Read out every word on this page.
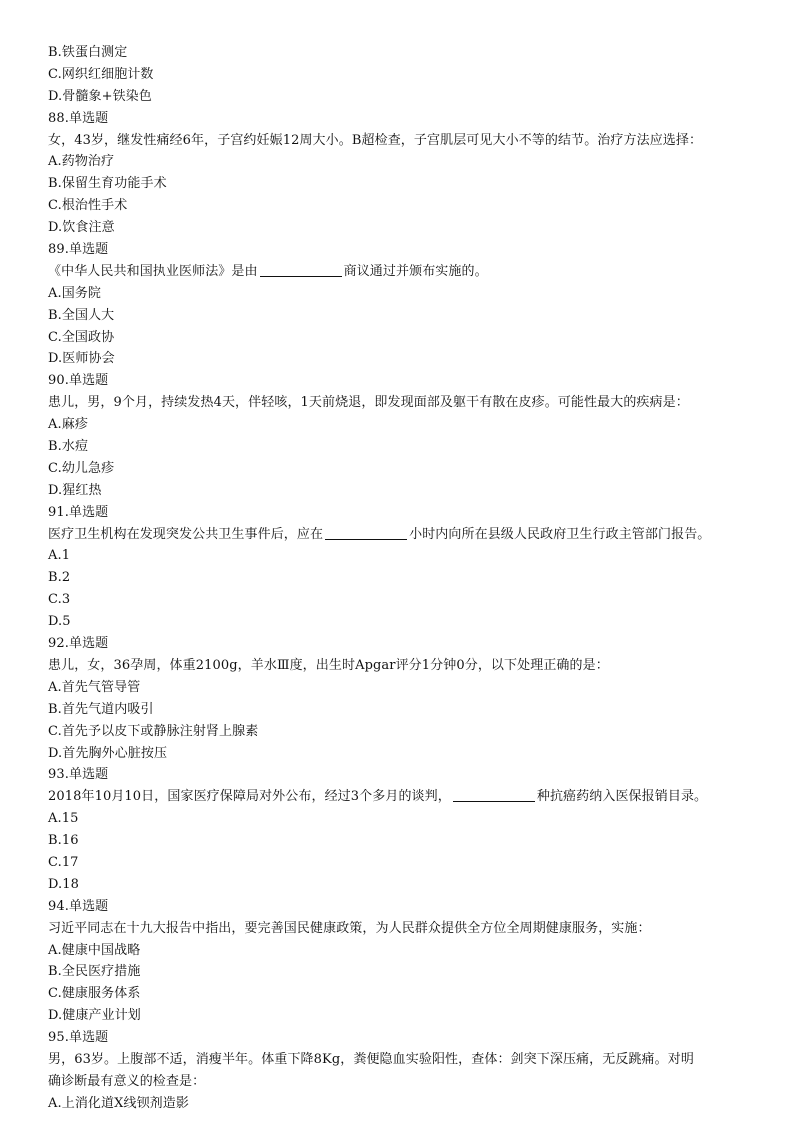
B.铁蛋白测定
C.网织红细胞计数
D.骨髓象+铁染色
88.单选题
女，43岁，继发性痛经6年，子宫约妊娠12周大小。B超检查，子宫肌层可见大小不等的结节。治疗方法应选择：
A.药物治疗
B.保留生育功能手术
C.根治性手术
D.饮食注意
89.单选题
《中华人民共和国执业医师法》是由	商议通过并颁布实施的。
A.国务院
B.全国人大
C.全国政协
D.医师协会
90.单选题
患儿，男，9个月，持续发热4天，伴轻咳，1天前烧退，即发现面部及躯干有散在皮疹。可能性最大的疾病是：
A.麻疹
B.水痘
C.幼儿急疹
D.猩红热
91.单选题
医疗卫生机构在发现突发公共卫生事件后，应在	小时内向所在县级人民政府卫生行政主管部门报告。
A.1
B.2
C.3
D.5
92.单选题
患儿，女，36孕周，体重2100g，羊水Ⅲ度，出生时Apgar评分1分钟0分，以下处理正确的是：
A.首先气管导管
B.首先气道内吸引
C.首先予以皮下或静脉注射肾上腺素
D.首先胸外心脏按压
93.单选题
2018年10月10日，国家医疗保障局对外公布，经过3个多月的谈判，	种抗癌药纳入医保报销目录。
A.15
B.16
C.17
D.18
94.单选题
习近平同志在十九大报告中指出，要完善国民健康政策，为人民群众提供全方位全周期健康服务，实施：
A.健康中国战略
B.全民医疗措施
C.健康服务体系
D.健康产业计划
95.单选题
男，63岁。上腹部不适，消瘦半年。体重下降8Kg，粪便隐血实验阳性，查体：剑突下深压痛，无反跳痛。对明
确诊断最有意义的检查是：
A.上消化道X线钡剂造影
